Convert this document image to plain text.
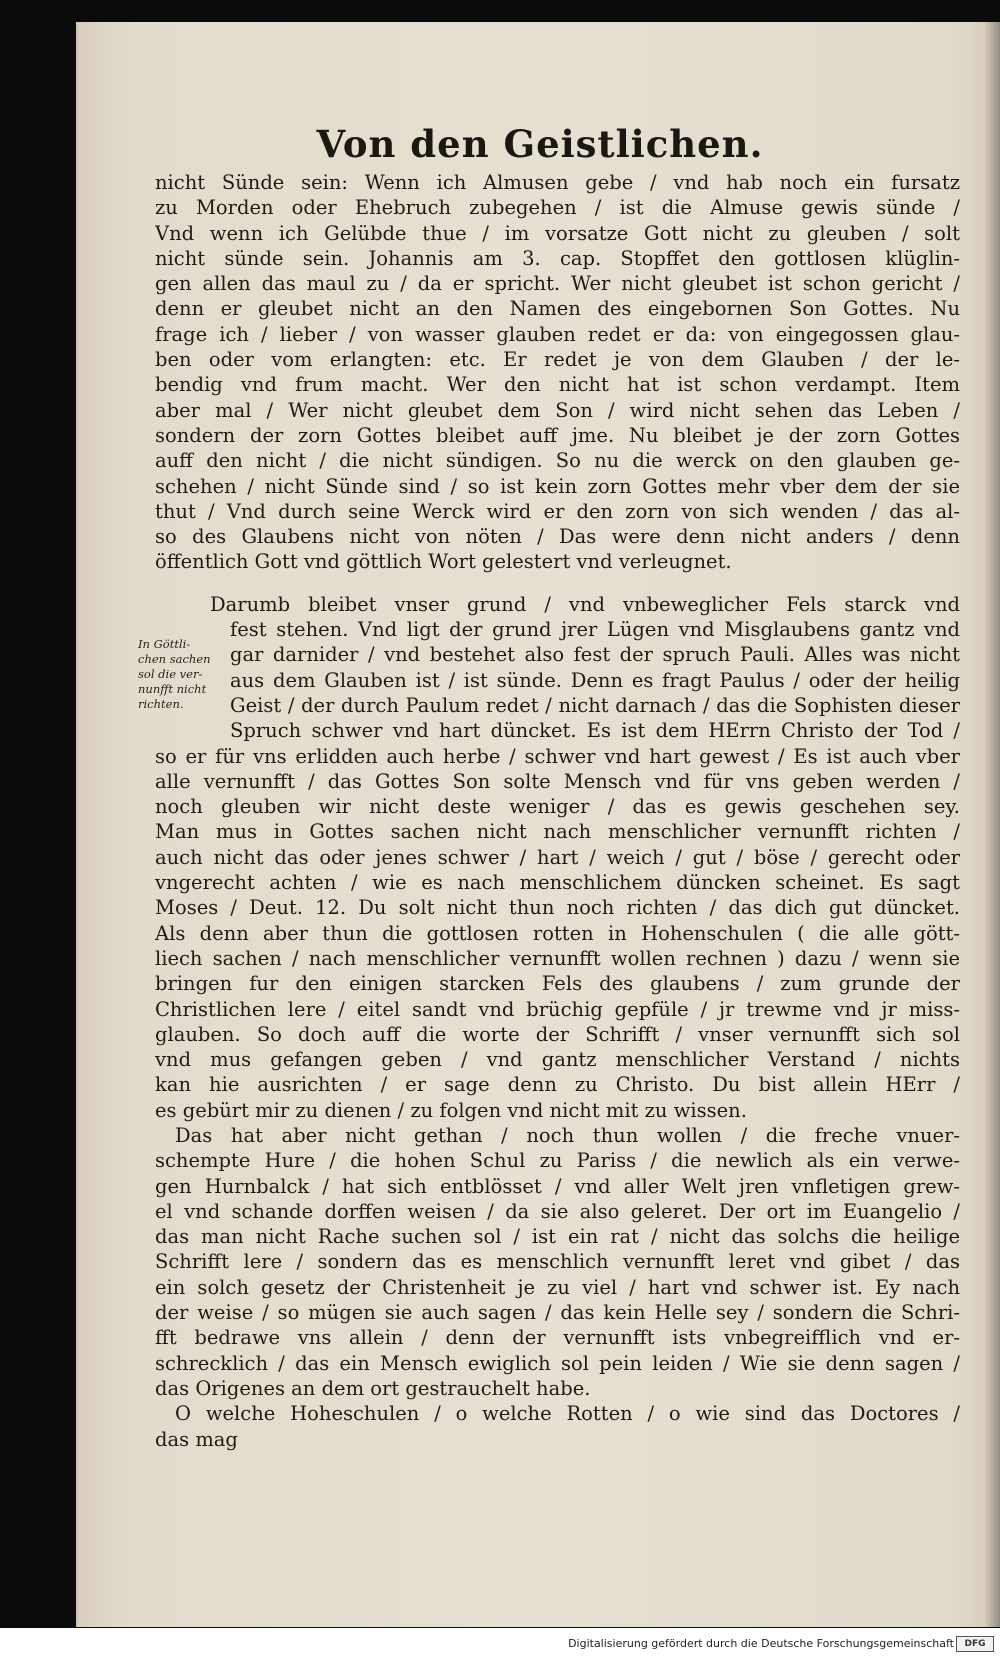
Von den Geistlichen.
nicht Sünde sein: Wenn ich Almusen gebe / vnd hab noch ein fursatz
zu Morden oder Ehebruch zubegehen / ist die Almuse gewis sünde /
Vnd wenn ich Gelübde thue / im vorsatze Gott nicht zu gleuben / solt
nicht sünde sein. Johannis am 3. cap. Stopffet den gottlosen klüglin-
gen allen das maul zu / da er spricht. Wer nicht gleubet ist schon gericht /
denn er gleubet nicht an den Namen des eingebornen Son Gottes. Nu
frage ich / lieber / von wasser glauben redet er da: von eingegossen glau-
ben oder vom erlangten: etc. Er redet je von dem Glauben / der le-
bendig vnd frum macht. Wer den nicht hat ist schon verdampt. Item
aber mal / Wer nicht gleubet dem Son / wird nicht sehen das Leben /
sondern der zorn Gottes bleibet auff jme. Nu bleibet je der zorn Gottes
auff den nicht / die nicht sündigen. So nu die werck on den glauben ge-
schehen / nicht Sünde sind / so ist kein zorn Gottes mehr vber dem der sie
thut / Vnd durch seine Werck wird er den zorn von sich wenden / das al-
so des Glaubens nicht von nöten / Das were denn nicht anders / denn
öffentlich Gott vnd göttlich Wort gelestert vnd verleugnet.
Darumb bleibet vnser grund / vnd vnbeweglicher Fels starck vnd
fest stehen. Vnd ligt der grund jrer Lügen vnd Misglaubens gantz vnd
gar darnider / vnd bestehet also fest der spruch Pauli. Alles was nicht
aus dem Glauben ist / ist sünde. Denn es fragt Paulus / oder der heilig
Geist / der durch Paulum redet / nicht darnach / das die Sophisten dieser
Spruch schwer vnd hart düncket. Es ist dem HErrn Christo der Tod /
so er für vns erlidden auch herbe / schwer vnd hart gewest / Es ist auch vber
alle vernunfft / das Gottes Son solte Mensch vnd für vns geben werden /
noch gleuben wir nicht deste weniger / das es gewis geschehen sey.
Man mus in Gottes sachen nicht nach menschlicher vernunfft richten /
auch nicht das oder jenes schwer / hart / weich / gut / böse / gerecht oder
vngerecht achten / wie es nach menschlichem düncken scheinet. Es sagt
Moses / Deut. 12. Du solt nicht thun noch richten / das dich gut düncket.
Als denn aber thun die gottlosen rotten in Hohenschulen ( die alle gött-
liech sachen / nach menschlicher vernunfft wollen rechnen ) dazu / wenn sie
bringen fur den einigen starcken Fels des glaubens / zum grunde der
Christlichen lere / eitel sandt vnd brüchig gepfüle / jr trewme vnd jr miss-
glauben. So doch auff die worte der Schrifft / vnser vernunfft sich sol
vnd mus gefangen geben / vnd gantz menschlicher Verstand / nichts
kan hie ausrichten / er sage denn zu Christo. Du bist allein HErr /
es gebürt mir zu dienen / zu folgen vnd nicht mit zu wissen.
Das hat aber nicht gethan / noch thun wollen / die freche vnuer-
schempte Hure / die hohen Schul zu Pariss / die newlich als ein verwe-
gen Hurnbalck / hat sich entblösset / vnd aller Welt jren vnfletigen grew-
el vnd schande dorffen weisen / da sie also geleret. Der ort im Euangelio /
das man nicht Rache suchen sol / ist ein rat / nicht das solchs die heilige
Schrifft lere / sondern das es menschlich vernunfft leret vnd gibet / das
ein solch gesetz der Christenheit je zu viel / hart vnd schwer ist. Ey nach
der weise / so mügen sie auch sagen / das kein Helle sey / sondern die Schri-
fft bedrawe vns allein / denn der vernunfft ists vnbegreifflich vnd er-
schrecklich / das ein Mensch ewiglich sol pein leiden / Wie sie denn sagen /
das Origenes an dem ort gestrauchelt habe.
O welche Hoheschulen / o welche Rotten / o wie sind das Doctores /
das mag
In Göttli-
chen sachen
sol die ver-
nunfft nicht
richten.
Digitalisierung gefördert durch die Deutsche Forschungsgemeinschaft	DFG
